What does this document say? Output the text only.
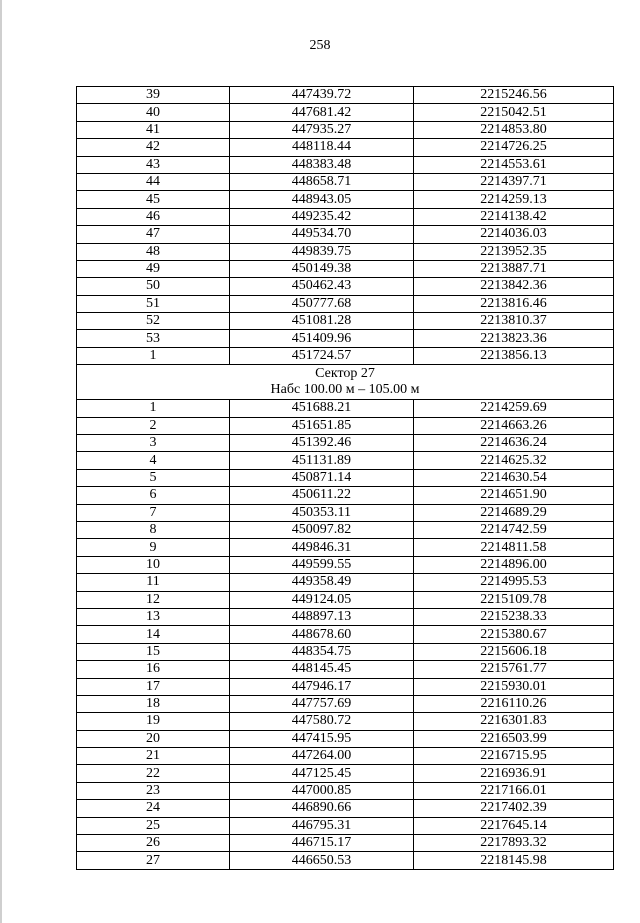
258
39	447439.72	2215246.56
40	447681.42	2215042.51
41	447935.27	2214853.80
42	448118.44	2214726.25
43	448383.48	2214553.61
44	448658.71	2214397.71
45	448943.05	2214259.13
46	449235.42	2214138.42
47	449534.70	2214036.03
48	449839.75	2213952.35
49	450149.38	2213887.71
50	450462.43	2213842.36
51	450777.68	2213816.46
52	451081.28	2213810.37
53	451409.96	2213823.36
1	451724.57	2213856.13

Сектор 27
Набс 100.00 м – 105.00 м		

1	451688.21	2214259.69
2	451651.85	2214663.26
3	451392.46	2214636.24
4	451131.89	2214625.32
5	450871.14	2214630.54
6	450611.22	2214651.90
7	450353.11	2214689.29
8	450097.82	2214742.59
9	449846.31	2214811.58
10	449599.55	2214896.00
11	449358.49	2214995.53
12	449124.05	2215109.78
13	448897.13	2215238.33
14	448678.60	2215380.67
15	448354.75	2215606.18
16	448145.45	2215761.77
17	447946.17	2215930.01
18	447757.69	2216110.26
19	447580.72	2216301.83
20	447415.95	2216503.99
21	447264.00	2216715.95
22	447125.45	2216936.91
23	447000.85	2217166.01
24	446890.66	2217402.39
25	446795.31	2217645.14
26	446715.17	2217893.32
27	446650.53	2218145.98
